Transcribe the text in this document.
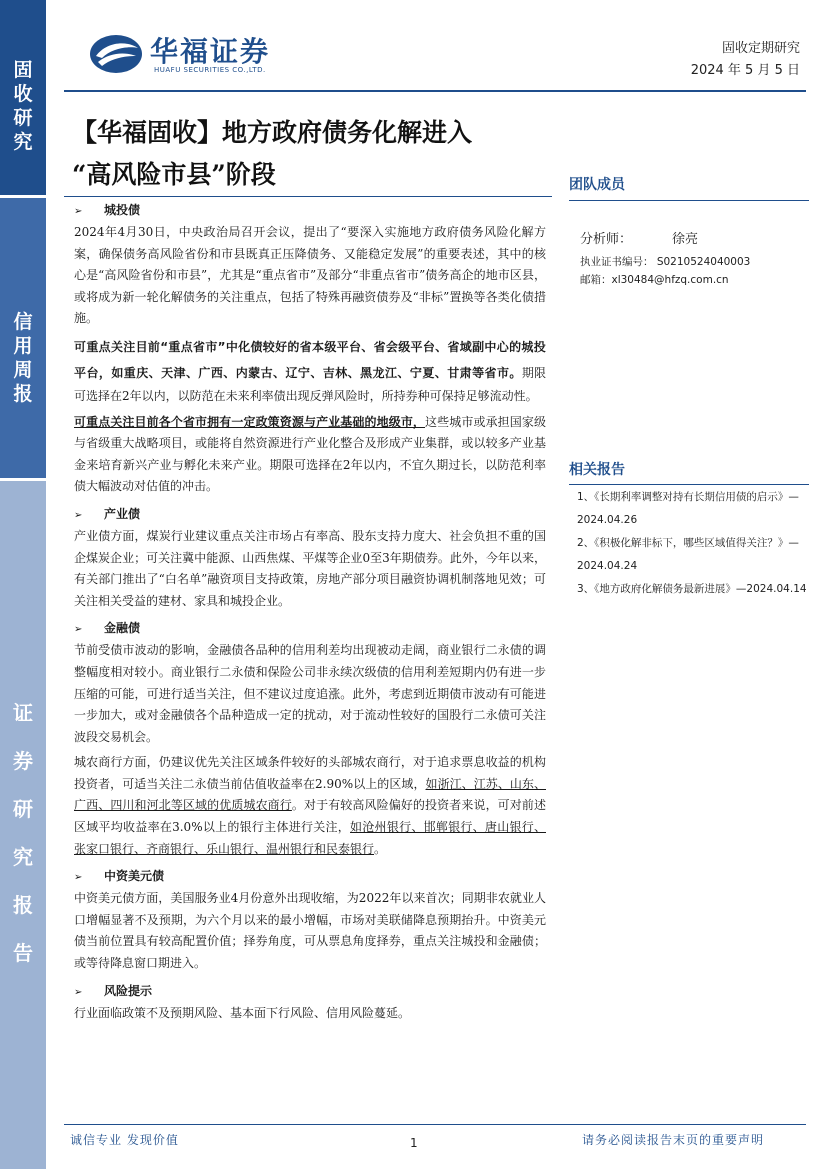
固收研究
信用周报
证券研究报告
华福证券
HUAFU SECURITIES CO.,LTD.
固收定期研究
2024 年 5 月 5 日
【华福固收】地方政府债务化解进入
“高风险市县”阶段	团队成员
分析师：	徐亮
执业证书编号： S0210524040003
邮箱：xl30484@hfzq.com.cn
相关报告
1、《长期利率调整对持有长期信用债的启示》—2024.04.26
2、《积极化解非标下，哪些区域值得关注？》—2024.04.24
3、《地方政府化解债务最新进展》—2024.04.14
➢ 城投债

2024年4月30日，中央政治局召开会议，提出了“要深入实施地方政府债务风险化解方案，确保债务高风险省份和市县既真正压降债务、又能稳定发展”的重要表述，其中的核心是“高风险省份和市县”，尤其是“重点省市”及部分“非重点省市”债务高企的地市区县，或将成为新一轮化解债务的关注重点，包括了特殊再融资债券及“非标”置换等各类化债措施。

可重点关注目前“重点省市”中化债较好的省本级平台、省会级平台、省域副中心的城投平台，如重庆、天津、广西、内蒙古、辽宁、吉林、黑龙江、宁夏、甘肃等省市。期限可选择在2年以内，以防范在未来利率债出现反弹风险时，所持券种可保持足够流动性。

可重点关注目前各个省市拥有一定政策资源与产业基础的地级市，这些城市或承担国家级与省级重大战略项目，或能将自然资源进行产业化整合及形成产业集群，或以较多产业基金来培育新兴产业与孵化未来产业。期限可选择在2年以内，不宜久期过长，以防范利率债大幅波动对估值的冲击。

➢ 产业债

产业债方面，煤炭行业建议重点关注市场占有率高、股东支持力度大、社会负担不重的国企煤炭企业；可关注冀中能源、山西焦煤、平煤等企业0至3年期债券。此外，今年以来，有关部门推出了“白名单”融资项目支持政策，房地产部分项目融资协调机制落地见效；可关注相关受益的建材、家具和城投企业。

➢ 金融债

节前受债市波动的影响，金融债各品种的信用利差均出现被动走阔，商业银行二永债的调整幅度相对较小。商业银行二永债和保险公司非永续次级债的信用利差短期内仍有进一步压缩的可能，可进行适当关注，但不建议过度追涨。此外，考虑到近期债市波动有可能进一步加大，或对金融债各个品种造成一定的扰动，对于流动性较好的国股行二永债可关注波段交易机会。

城农商行方面，仍建议优先关注区域条件较好的头部城农商行，对于追求票息收益的机构投资者，可适当关注二永债当前估值收益率在2.90%以上的区域，如浙江、江苏、山东、广西、四川和河北等区域的优质城农商行。对于有较高风险偏好的投资者来说，可对前述区域平均收益率在3.0%以上的银行主体进行关注，如沧州银行、邯郸银行、唐山银行、张家口银行、齐商银行、乐山银行、温州银行和民泰银行。

➢ 中资美元债

中资美元债方面，美国服务业4月份意外出现收缩，为2022年以来首次；同期非农就业人口增幅显著不及预期，为六个月以来的最小增幅，市场对美联储降息预期抬升。中资美元债当前位置具有较高配置价值；择券角度，可从票息角度择券，重点关注城投和金融债；或等待降息窗口期进入。

➢ 风险提示

行业面临政策不及预期风险、基本面下行风险、信用风险蔓延。

诚信专业 发现价值	1	请务必阅读报告末页的重要声明
